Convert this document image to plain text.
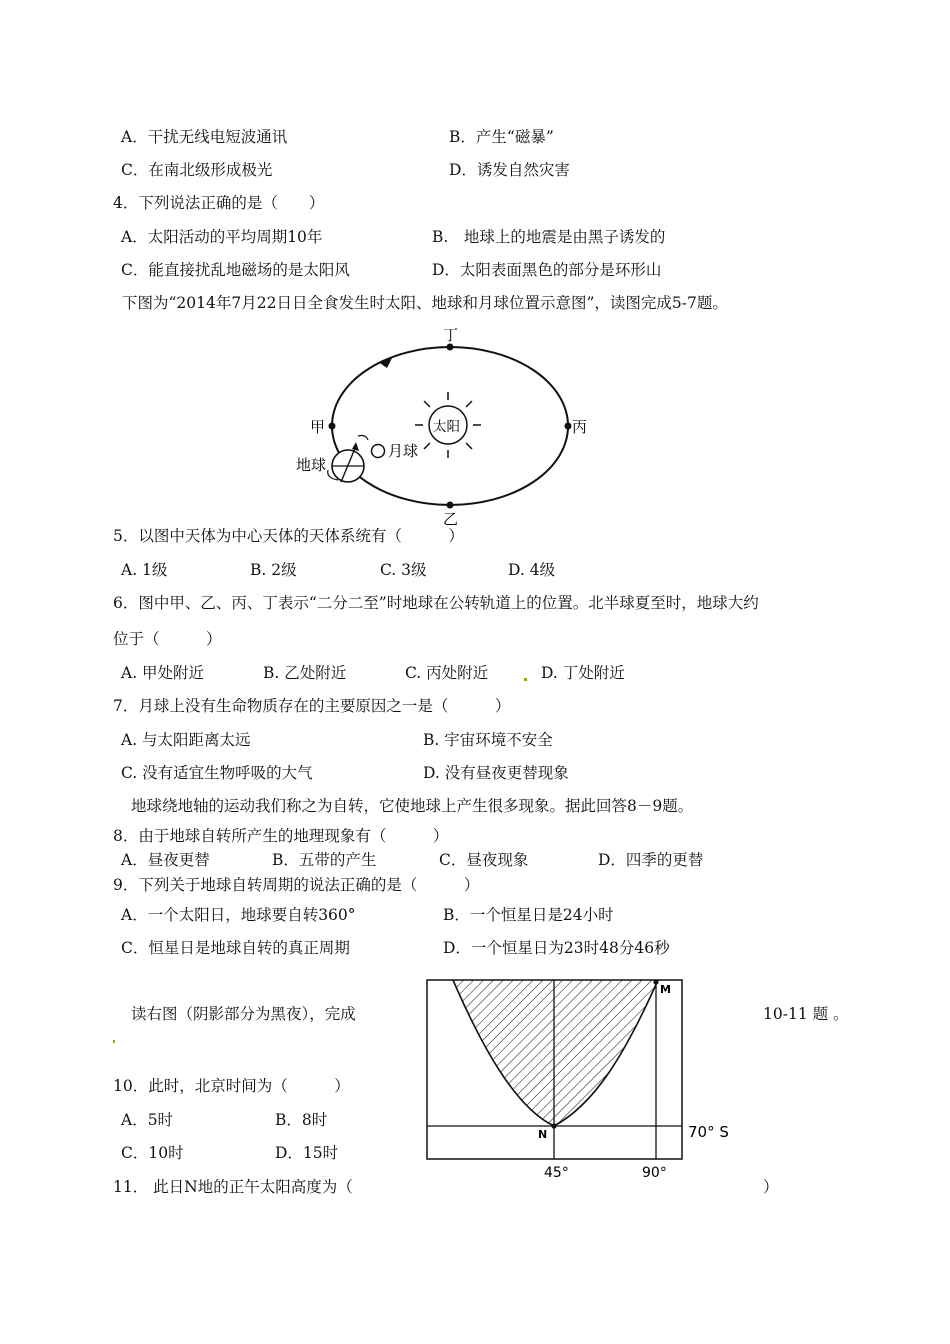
A．干扰无线电短波通讯	B．产生“磁暴”
C．在南北级形成极光	D．诱发自然灾害
4．下列说法正确的是（　　）
A．太阳活动的平均周期10年	B.　地球上的地震是由黑子诱发的
C．能直接扰乱地磁场的是太阳风	D．太阳表面黑色的部分是环形山
下图为“2014年7月22日日全食发生时太阳、地球和月球位置示意图”，读图完成5-7题。
丁
乙
甲	丙
太阳
地球
月球
5．以图中天体为中心天体的天体系统有（　　　）
A. 1级	B. 2级	C. 3级	D. 4级
6．图中甲、乙、丙、丁表示“二分二至”时地球在公转轨道上的位置。北半球夏至时，地球大约
位于（　　　）
A. 甲处附近	B. 乙处附近	C. 丙处附近	D. 丁处附近
7．月球上没有生命物质存在的主要原因之一是（　　　）
A. 与太阳距离太远	B. 宇宙环境不安全
C. 没有适宜生物呼吸的大气	D. 没有昼夜更替现象
地球绕地轴的运动我们称之为自转，它使地球上产生很多现象。据此回答8－9题。
8．由于地球自转所产生的地理现象有（　　　）
A．昼夜更替	B．五带的产生	C．昼夜现象	D．四季的更替
9．下列关于地球自转周期的说法正确的是（　　　）
A．一个太阳日，地球要自转360°	B．一个恒星日是24小时
C．恒星日是地球自转的真正周期	D．一个恒星日为23时48分46秒
读右图（阴影部分为黑夜），完成	10-11 题 。
10．此时，北京时间为（　　　）
A．5时	B．8时
C．10时	D．15时
11． 此日N地的正午太阳高度为（	）
M
N	70° S
45°	90°
